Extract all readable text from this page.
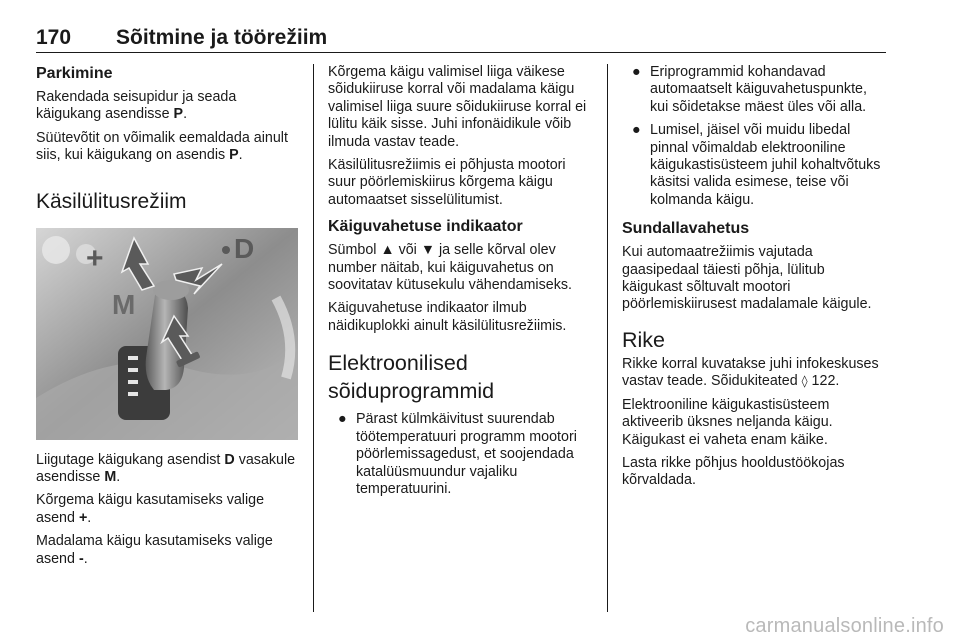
170 Sõitmine ja töörežiim
Parkimine

Rakendada seisupidur ja seada käigukang asendisse P.

Süütevõtit on võimalik eemaldada ainult siis, kui käigukang on asendis P.

Käsilülitusrežiim
+	D
M

Liigutage käigukang asendist D vasakule asendisse M.

Kõrgema käigu kasutamiseks valige asend +.

Madalama käigu kasutamiseks valige asend -.

Kõrgema käigu valimisel liiga väikese sõidukiiruse korral või madalama käigu valimisel liiga suure sõidukiiruse korral ei lülitu käik sisse. Juhi infonäidikule võib ilmuda vastav teade.

Käsilülitusrežiimis ei põhjusta mootori suur pöörlemiskiirus kõrgema käigu automaatset sisselülitumist.

Käiguvahetuse indikaator

Sümbol ▲ või ▼ ja selle kõrval olev number näitab, kui käiguvahetus on soovitatav kütusekulu vähendamiseks.

Käiguvahetuse indikaator ilmub näidikuplokki ainult käsilülitusrežiimis.

Elektroonilised sõiduprogrammid
● Pärast külmkäivitust suurendab töötemperatuuri programm mootori pöörlemissagedust, et soojendada katalüüsmuundur vajaliku temperatuurini.
● Eriprogrammid kohandavad automaatselt käiguvahetuspunkte, kui sõidetakse mäest üles või alla.
● Lumisel, jäisel või muidu libedal pinnal võimaldab elektrooniline käigukastisüsteem juhil kohaltvõtuks käsitsi valida esimese, teise või kolmanda käigu.
Sundallavahetus

Kui automaatrežiimis vajutada gaasipedaal täiesti põhja, lülitub käigukast sõltuvalt mootori pöörlemiskiirusest madalamale käigule.

Rike

Rikke korral kuvatakse juhi infokeskuses vastav teade. Sõidukiteated ◊ 122.

Elektrooniline käigukastisüsteem aktiveerib üksnes neljanda käigu. Käigukast ei vaheta enam käike.

Lasta rikke põhjus hooldustöökojas kõrvaldada.

carmanualsonline.info
